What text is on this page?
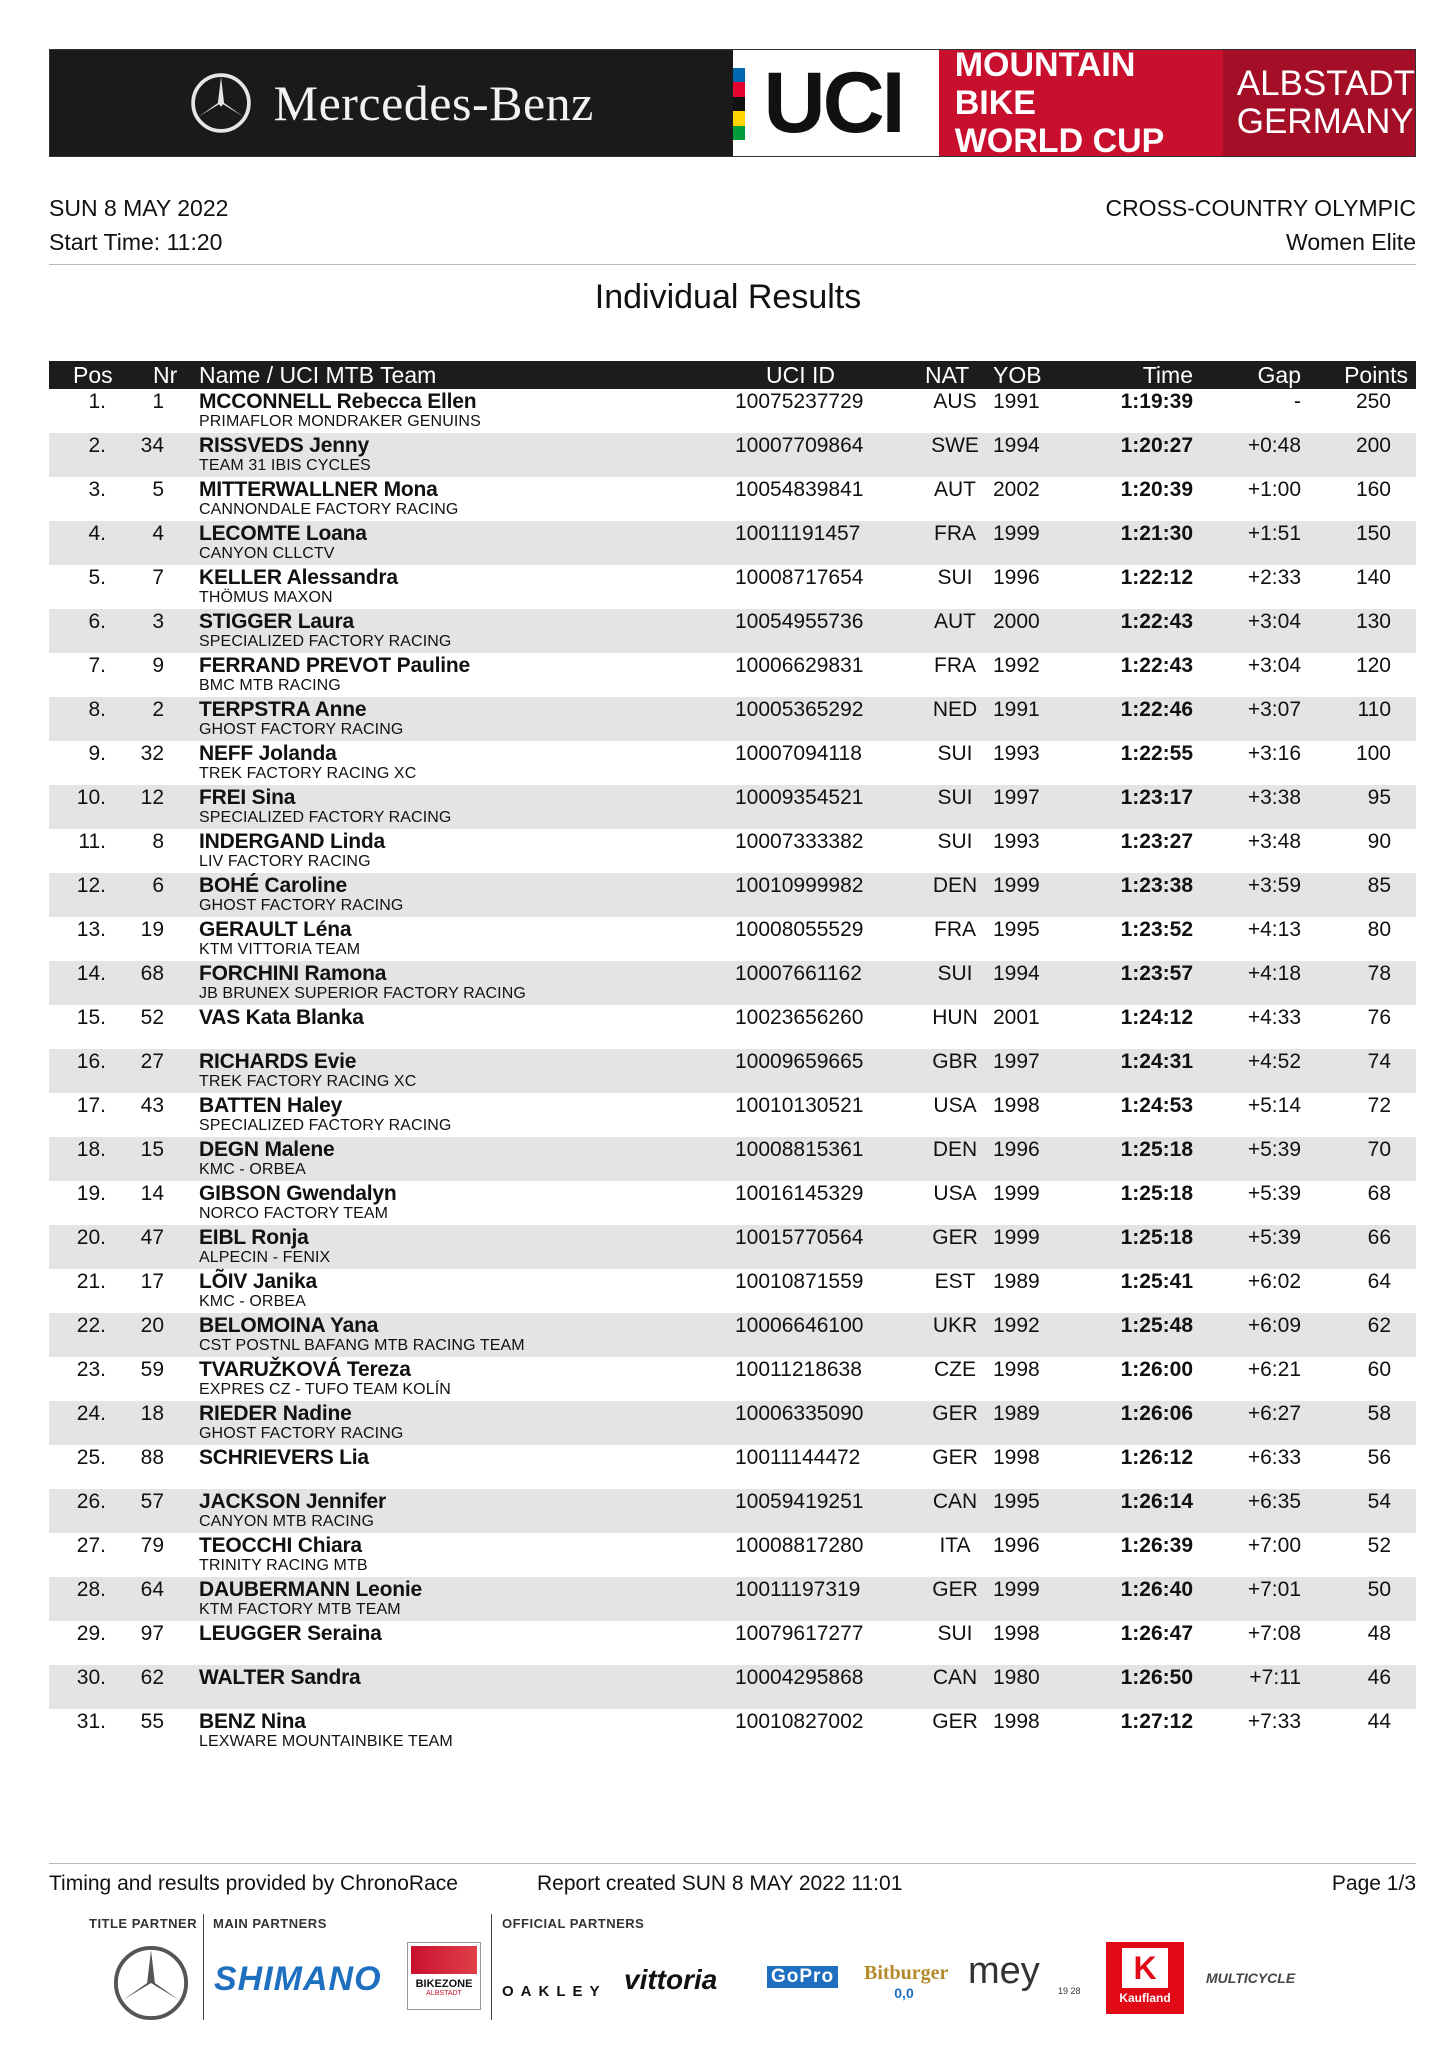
Mercedes-Benz UCI MOUNTAIN BIKE
WORLD CUP
ALBSTADT
GERMANY
SUN 8 MAY 2022	CROSS-COUNTRY OLYMPIC
Start Time: 11:20	Women Elite
Individual Results
Pos Nr Name / UCI MTB Team	UCI ID	NAT YOB	Time	Gap Points
1. 1 MCCONNELL Rebecca Ellen
PRIMAFLOR MONDRAKER GENUINS
10075237729	AUS 1991	1:19:39	-	250
2. 34 RISSVEDS Jenny
TEAM 31 IBIS CYCLES
10007709864	SWE 1994	1:20:27	+0:48	200
3. 5 MITTERWALLNER Mona
CANNONDALE FACTORY RACING
10054839841	AUT 2002	1:20:39	+1:00	160
4. 4 LECOMTE Loana
CANYON CLLCTV
10011191457	FRA 1999	1:21:30	+1:51	150
5. 7 KELLER Alessandra
THÖMUS MAXON
10008717654	SUI 1996	1:22:12	+2:33	140
6. 3 STIGGER Laura
SPECIALIZED FACTORY RACING
10054955736	AUT 2000	1:22:43	+3:04	130
7. 9 FERRAND PREVOT Pauline
BMC MTB RACING
10006629831	FRA 1992	1:22:43	+3:04	120
8. 2 TERPSTRA Anne
GHOST FACTORY RACING
10005365292	NED 1991	1:22:46	+3:07	110
9. 32 NEFF Jolanda
TREK FACTORY RACING XC
10007094118	SUI 1993	1:22:55	+3:16	100
10. 12 FREI Sina
SPECIALIZED FACTORY RACING
10009354521	SUI 1997	1:23:17	+3:38	95
11. 8 INDERGAND Linda
LIV FACTORY RACING
10007333382	SUI 1993	1:23:27	+3:48	90
12. 6 BOHÉ Caroline
GHOST FACTORY RACING
10010999982	DEN 1999	1:23:38	+3:59	85
13. 19 GERAULT Léna
KTM VITTORIA TEAM
10008055529	FRA 1995	1:23:52	+4:13	80
14. 68 FORCHINI Ramona
JB BRUNEX SUPERIOR FACTORY RACING
10007661162	SUI 1994	1:23:57	+4:18	78
15. 52 VAS Kata Blanka	10023656260	HUN 2001	1:24:12	+4:33	76
16. 27 RICHARDS Evie
TREK FACTORY RACING XC
10009659665	GBR 1997	1:24:31	+4:52	74
17. 43 BATTEN Haley
SPECIALIZED FACTORY RACING
10010130521	USA 1998	1:24:53	+5:14	72
18. 15 DEGN Malene
KMC - ORBEA
10008815361	DEN 1996	1:25:18	+5:39	70
19. 14 GIBSON Gwendalyn
NORCO FACTORY TEAM
10016145329	USA 1999	1:25:18	+5:39	68
20. 47 EIBL Ronja
ALPECIN - FENIX
10015770564	GER 1999	1:25:18	+5:39	66
21. 17 LÕIV Janika
KMC - ORBEA
10010871559	EST 1989	1:25:41	+6:02	64
22. 20 BELOMOINA Yana
CST POSTNL BAFANG MTB RACING TEAM
10006646100	UKR 1992	1:25:48	+6:09	62
23. 59 TVARUŽKOVÁ Tereza
EXPRES CZ - TUFO TEAM KOLÍN
10011218638	CZE 1998	1:26:00	+6:21	60
24. 18 RIEDER Nadine
GHOST FACTORY RACING
10006335090	GER 1989	1:26:06	+6:27	58
25. 88 SCHRIEVERS Lia	10011144472	GER 1998	1:26:12	+6:33	56
26. 57 JACKSON Jennifer
CANYON MTB RACING
10059419251	CAN 1995	1:26:14	+6:35	54
27. 79 TEOCCHI Chiara
TRINITY RACING MTB
10008817280	ITA	1996	1:26:39	+7:00	52
28. 64 DAUBERMANN Leonie
KTM FACTORY MTB TEAM
10011197319	GER 1999	1:26:40	+7:01	50
29. 97 LEUGGER Seraina	10079617277	SUI 1998	1:26:47	+7:08	48
30. 62 WALTER Sandra	10004295868	CAN 1980	1:26:50	+7:11	46
31. 55 BENZ Nina
LEXWARE MOUNTAINBIKE TEAM
10010827002	GER 1998	1:27:12	+7:33	44
Timing and results provided by ChronoRace	Report created SUN 8 MAY 2022 11:01	Page 1/3
TITLE PARTNER MAIN PARTNERS	OFFICIAL PARTNERS
SHIMANO	BIKEZONE
ALBSTADT	OAKLEY vittoria	GoPro Bitburger
0,0
mey 19 28
K
Kaufland
MULTICYCLE
